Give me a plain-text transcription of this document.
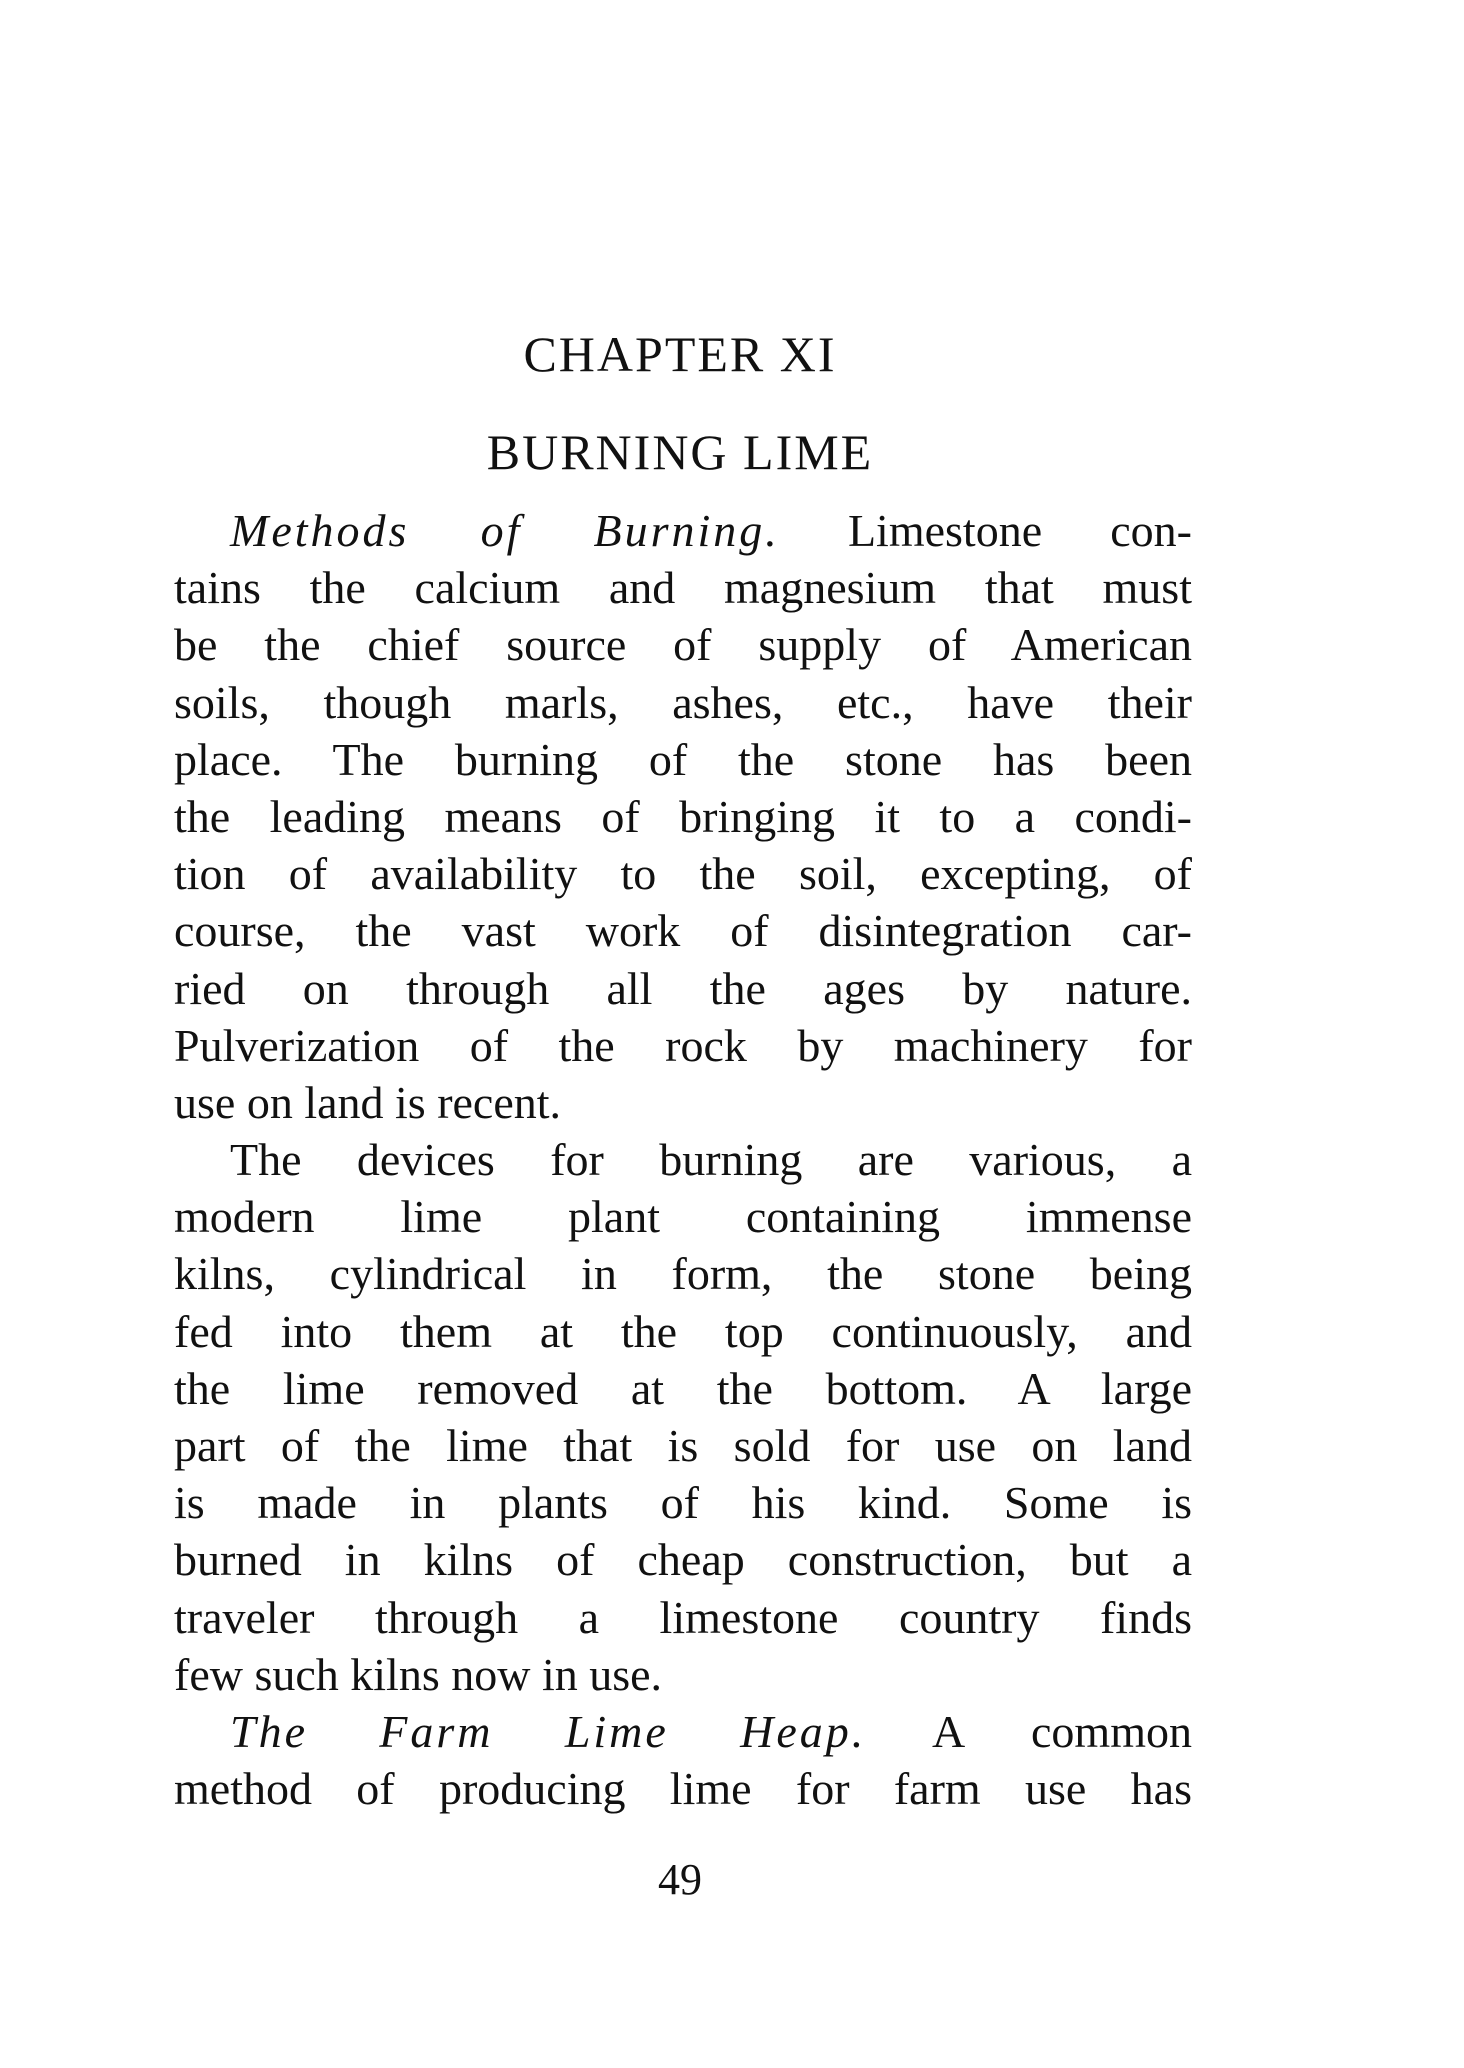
CHAPTER XI
BURNING LIME
Methods of Burning. Limestone con-
tains the calcium and magnesium that must
be the chief source of supply of American
soils, though marls, ashes, etc., have their
place. The burning of the stone has been
the leading means of bringing it to a condi-
tion of availability to the soil, excepting, of
course, the vast work of disintegration car-
ried on through all the ages by nature.
Pulverization of the rock by machinery for
use on land is recent.
The devices for burning are various, a
modern lime plant containing immense
kilns, cylindrical in form, the stone being
fed into them at the top continuously, and
the lime removed at the bottom. A large
part of the lime that is sold for use on land
is made in plants of his kind. Some is
burned in kilns of cheap construction, but a
traveler through a limestone country finds
few such kilns now in use.
The Farm Lime Heap. A common
method of producing lime for farm use has
49
